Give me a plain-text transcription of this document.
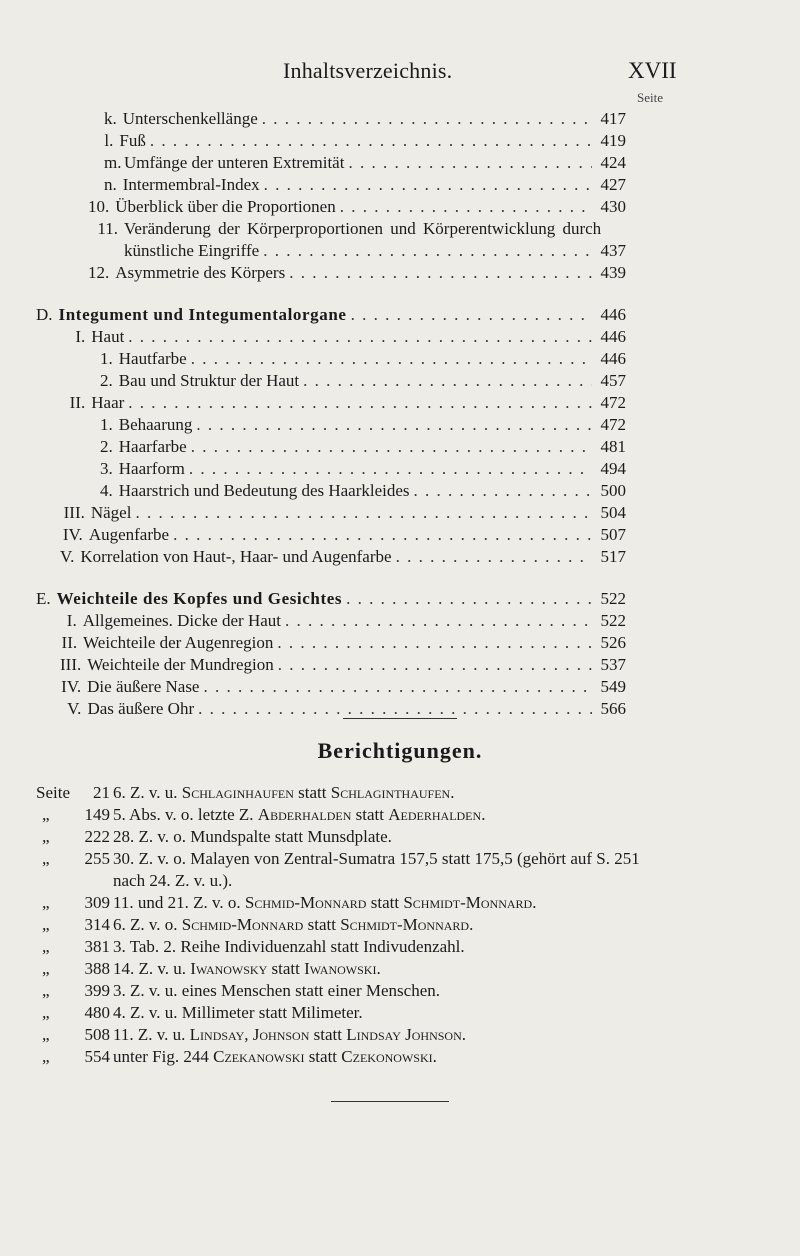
Inhaltsverzeichnis.	XVII
Seite
k. Unterschenkellänge . . .	417
l. Fuß . . .	419
m. Umfänge der unteren Extremität . . .	424
n. Intermembral-Index . . .	427
10. Überblick über die Proportionen . . .	430
11. Veränderung der Körperproportionen und Körperentwicklung durch
künstliche Eingriffe . . .	437
12. Asymmetrie des Körpers . . .	439
D. Integument und Integumentalorgane . . .	446
I. Haut . . .	446
1. Hautfarbe . . .	446
2. Bau und Struktur der Haut . . .	457
II. Haar . . .	472
1. Behaarung . . .	472
2. Haarfarbe . . .	481
3. Haarform . . .	494
4. Haarstrich und Bedeutung des Haarkleides . . .	500
III. Nägel . . .	504
IV. Augenfarbe . . .	507
V. Korrelation von Haut-, Haar- und Augenfarbe . . .	517
E. Weichteile des Kopfes und Gesichtes . . .	522
I. Allgemeines. Dicke der Haut . . .	522
II. Weichteile der Augenregion . . .	526
III. Weichteile der Mundregion . . .	537
IV. Die äußere Nase . . .	549
V. Das äußere Ohr . . .	566
Berichtigungen.
Seite	21 6. Z. v. u. Schlaginhaufen statt Schlaginthaufen.
„ 149 5. Abs. v. o. letzte Z. Abderhalden statt Aederhalden.
„ 222 28. Z. v. o. Mundspalte statt Munsdplate.
„ 255 30. Z. v. o. Malayen von Zentral-Sumatra 157,5 statt 175,5 (gehört auf S. 251
nach 24. Z. v. u.).
„ 309 11. und 21. Z. v. o. Schmid-Monnard statt Schmidt-Monnard.
„ 314 6. Z. v. o. Schmid-Monnard statt Schmidt-Monnard.
„ 381 3. Tab. 2. Reihe Individuenzahl statt Indivudenzahl.
„ 388 14. Z. v. u. Iwanowsky statt Iwanowski.
„ 399 3. Z. v. u. eines Menschen statt einer Menschen.
„ 480 4. Z. v. u. Millimeter statt Milimeter.
„ 508 11. Z. v. u. Lindsay, Johnson statt Lindsay Johnson.
„ 554 unter Fig. 244 Czekanowski statt Czekonowski.
